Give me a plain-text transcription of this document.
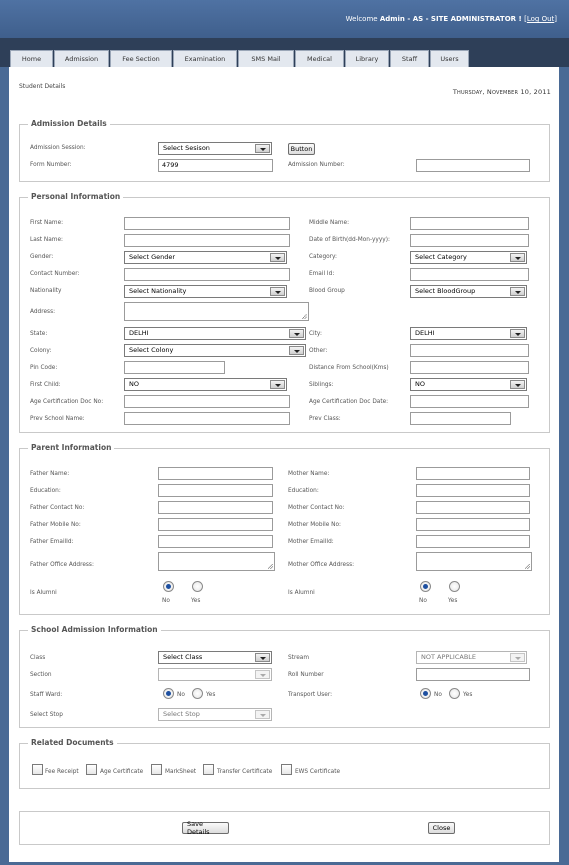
Welcome Admin - AS - SITE ADMINISTRATOR ! [Log Out]
Home	Admission	Fee Section	Examination	SMS Mail	Medical	Library	Staff	Users
Student Details
Thursday, November 10, 2011
Admission Details
Admission Session:	Select Sesison	Button
Form Number:	4799	Admission Number:
Personal Information
First Name:	Middle Name:
Last Name:	Date of Birth(dd-Mon-yyyy):
Gender:	Select Gender	Category:	Select Category
Contact Number:	Email Id:
Nationality	Select Nationality	Blood Group	Select BloodGroup
Address:
State:	DELHI	City:	DELHI
Colony:	Select Colony	Other:
Pin Code:	Distance From School(Kms)
First Child:	NO	Siblings:	NO
Age Certification Doc No:	Age Certification Doc Date:
Prev School Name:	Prev Class:
Parent Information
Father Name:	Mother Name:
Education:	Education:
Father Contact No:	Mother Contact No:
Father Mobile No:	Mother Mobile No:
Father EmailId:	Mother EmailId:
Father Office Address:	Mother Office Address:
Is Alumni
No	Yes
Is Alumni
No	Yes
School Admission Information
Class	Select Class	Stream	NOT APPLICABLE
Section	Roll Number
Staff Ward:	No	Yes	Transport User:	No	Yes
Select Stop	Select Stop
Related Documents
Fee Receipt	Age Certificate	MarkSheet	Transfer Certificate	EWS Certificate
Save Details	Close
